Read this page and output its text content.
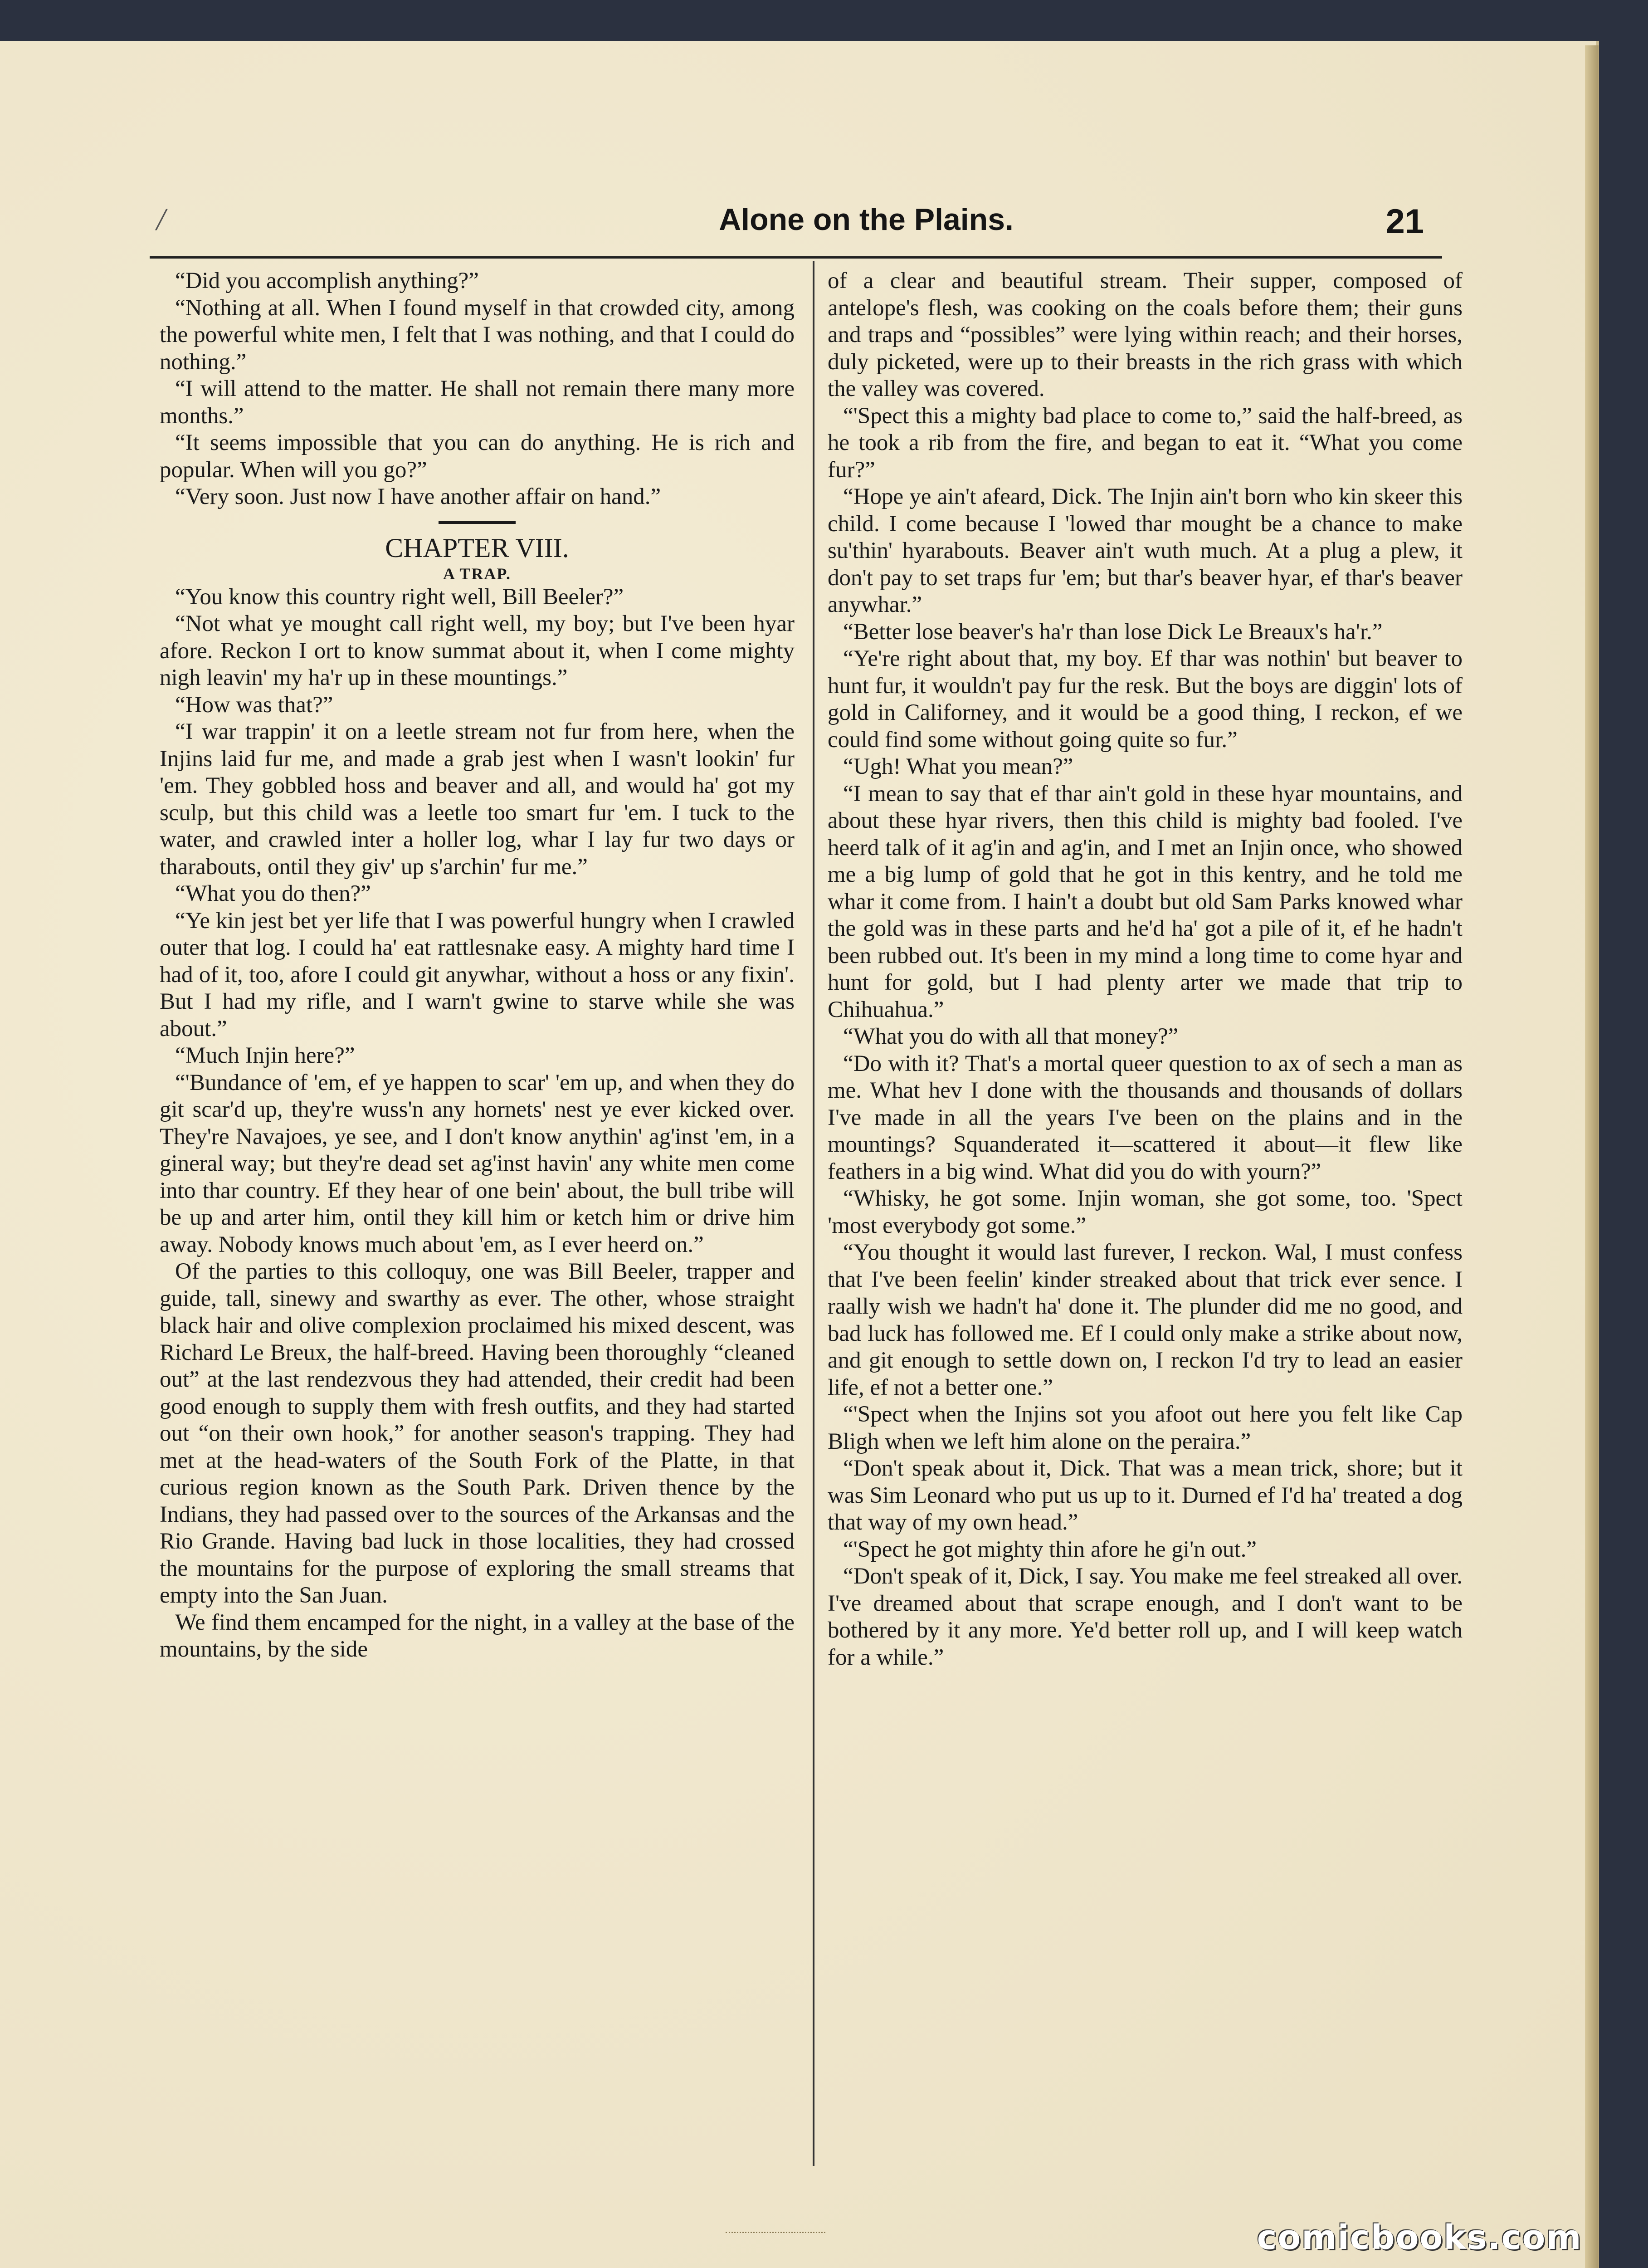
/	Alone on the Plains.	21

“Did you accomplish anything?”

“Nothing at all. When I found myself in that crowded city, among the powerful white men, I felt that I was nothing, and that I could do nothing.”

“I will attend to the matter. He shall not remain there many more months.”

“It seems impossible that you can do anything. He is rich and popular. When will you go?”

“Very soon. Just now I have another affair on hand.”

CHAPTER VIII.

A TRAP.

“You know this country right well, Bill Beeler?”

“Not what ye mought call right well, my boy; but I've been hyar afore. Reckon I ort to know summat about it, when I come mighty nigh leavin' my ha'r up in these mountings.”

“How was that?”

“I war trappin' it on a leetle stream not fur from here, when the Injins laid fur me, and made a grab jest when I wasn't lookin' fur 'em. They gobbled hoss and beaver and all, and would ha' got my sculp, but this child was a leetle too smart fur 'em. I tuck to the water, and crawled inter a holler log, whar I lay fur two days or tharabouts, ontil they giv' up s'archin' fur me.”

“What you do then?”

“Ye kin jest bet yer life that I was powerful hungry when I crawled outer that log. I could ha' eat rattlesnake easy. A mighty hard time I had of it, too, afore I could git anywhar, without a hoss or any fixin'. But I had my rifle, and I warn't gwine to starve while she was about.”

“Much Injin here?”

“'Bundance of 'em, ef ye happen to scar' 'em up, and when they do git scar'd up, they're wuss'n any hornets' nest ye ever kicked over. They're Navajoes, ye see, and I don't know anythin' ag'inst 'em, in a gineral way; but they're dead set ag'inst havin' any white men come into thar country. Ef they hear of one bein' about, the bull tribe will be up and arter him, ontil they kill him or ketch him or drive him away. Nobody knows much about 'em, as I ever heerd on.”

Of the parties to this colloquy, one was Bill Beeler, trapper and guide, tall, sinewy and swarthy as ever. The other, whose straight black hair and olive complexion proclaimed his mixed descent, was Richard Le Breux, the half-breed. Having been thoroughly “cleaned out” at the last rendezvous they had attended, their credit had been good enough to supply them with fresh outfits, and they had started out “on their own hook,” for another season's trapping. They had met at the head-waters of the South Fork of the Platte, in that curious region known as the South Park. Driven thence by the Indians, they had passed over to the sources of the Arkansas and the Rio Grande. Having bad luck in those localities, they had crossed the mountains for the purpose of exploring the small streams that empty into the San Juan.

We find them encamped for the night, in a valley at the base of the mountains, by the side

of a clear and beautiful stream. Their supper, composed of antelope's flesh, was cooking on the coals before them; their guns and traps and “possibles” were lying within reach; and their horses, duly picketed, were up to their breasts in the rich grass with which the valley was covered.

“'Spect this a mighty bad place to come to,” said the half-breed, as he took a rib from the fire, and began to eat it. “What you come fur?”

“Hope ye ain't afeard, Dick. The Injin ain't born who kin skeer this child. I come because I 'lowed thar mought be a chance to make su'thin' hyarabouts. Beaver ain't wuth much. At a plug a plew, it don't pay to set traps fur 'em; but thar's beaver hyar, ef thar's beaver anywhar.”

“Better lose beaver's ha'r than lose Dick Le Breaux's ha'r.”

“Ye're right about that, my boy. Ef thar was nothin' but beaver to hunt fur, it wouldn't pay fur the resk. But the boys are diggin' lots of gold in Californey, and it would be a good thing, I reckon, ef we could find some without going quite so fur.”

“Ugh! What you mean?”

“I mean to say that ef thar ain't gold in these hyar mountains, and about these hyar rivers, then this child is mighty bad fooled. I've heerd talk of it ag'in and ag'in, and I met an Injin once, who showed me a big lump of gold that he got in this kentry, and he told me whar it come from. I hain't a doubt but old Sam Parks knowed whar the gold was in these parts and he'd ha' got a pile of it, ef he hadn't been rubbed out. It's been in my mind a long time to come hyar and hunt for gold, but I had plenty arter we made that trip to Chihuahua.”

“What you do with all that money?”

“Do with it? That's a mortal queer question to ax of sech a man as me. What hev I done with the thousands and thousands of dollars I've made in all the years I've been on the plains and in the mountings? Squanderated it—scattered it about—it flew like feathers in a big wind. What did you do with yourn?”

“Whisky, he got some. Injin woman, she got some, too. 'Spect 'most everybody got some.”

“You thought it would last furever, I reckon. Wal, I must confess that I've been feelin' kinder streaked about that trick ever sence. I raally wish we hadn't ha' done it. The plunder did me no good, and bad luck has followed me. Ef I could only make a strike about now, and git enough to settle down on, I reckon I'd try to lead an easier life, ef not a better one.”

“'Spect when the Injins sot you afoot out here you felt like Cap Bligh when we left him alone on the peraira.”

“Don't speak about it, Dick. That was a mean trick, shore; but it was Sim Leonard who put us up to it. Durned ef I'd ha' treated a dog that way of my own head.”

“'Spect he got mighty thin afore he gi'n out.”

“Don't speak of it, Dick, I say. You make me feel streaked all over. I've dreamed about that scrape enough, and I don't want to be bothered by it any more. Ye'd better roll up, and I will keep watch for a while.”

comicbooks.com
